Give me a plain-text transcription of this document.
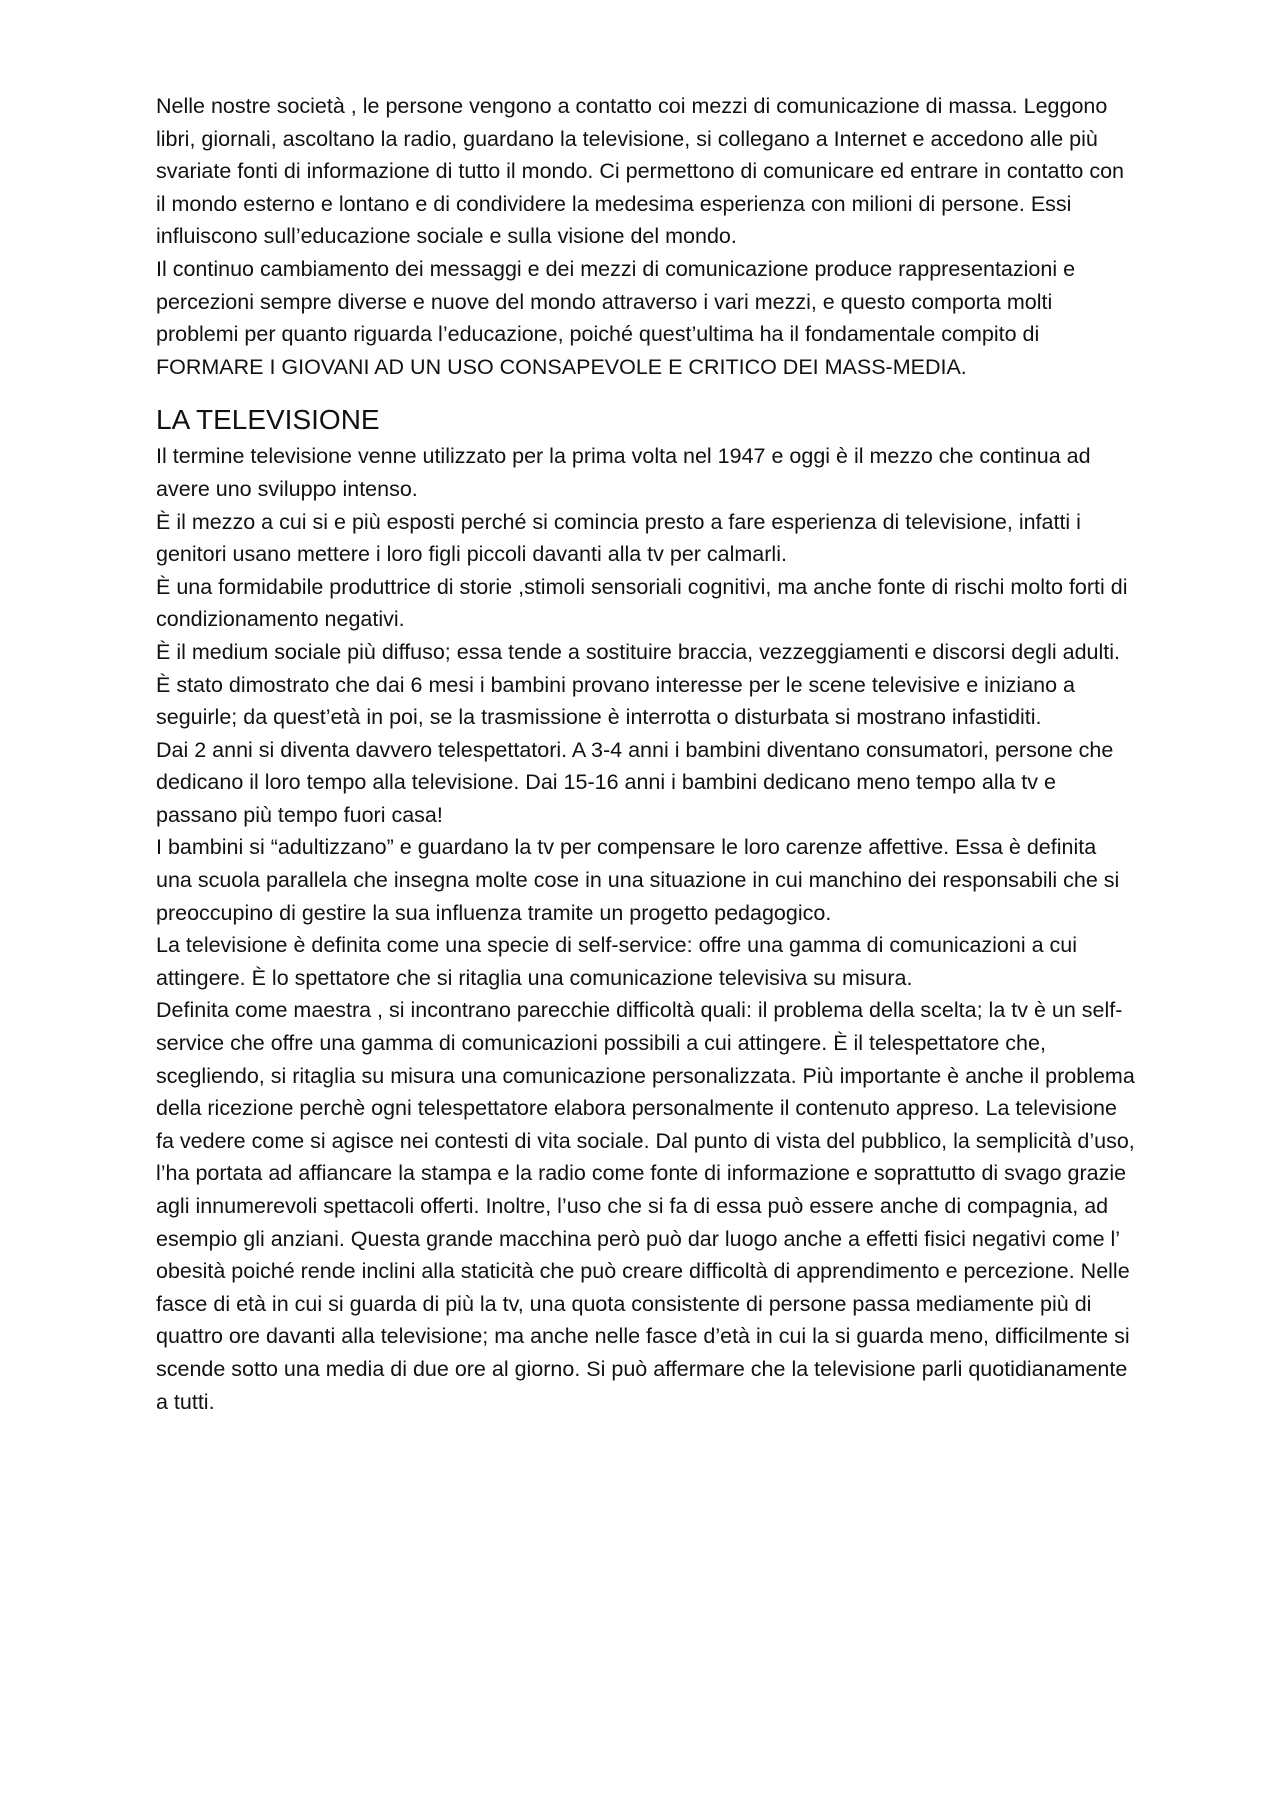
Nelle nostre società , le persone vengono a contatto coi mezzi di comunicazione di massa. Leggono libri, giornali, ascoltano la radio, guardano la televisione, si collegano a Internet e accedono alle più svariate fonti di informazione di tutto il mondo. Ci permettono di comunicare ed entrare in contatto con il mondo esterno e lontano e di condividere la medesima esperienza con milioni di persone. Essi influiscono sull’educazione sociale e sulla visione del mondo.

Il continuo cambiamento dei messaggi e dei mezzi di comunicazione produce rappresentazioni e percezioni sempre diverse e nuove del mondo attraverso i vari mezzi, e questo comporta molti problemi per quanto riguarda l’educazione, poiché quest’ultima ha il fondamentale compito di FORMARE I GIOVANI AD UN USO CONSAPEVOLE E CRITICO DEI MASS-MEDIA.

LA TELEVISIONE

Il termine televisione venne utilizzato per la prima volta nel 1947 e oggi è il mezzo che continua ad avere uno sviluppo intenso.

È il mezzo a cui si e più esposti perché si comincia presto a fare esperienza di televisione, infatti i genitori usano mettere i loro figli piccoli davanti alla tv per calmarli.

È una formidabile produttrice di storie ,stimoli sensoriali cognitivi, ma anche fonte di rischi molto forti di condizionamento negativi.

È il medium sociale più diffuso; essa tende a sostituire braccia, vezzeggiamenti e discorsi degli adulti.

È stato dimostrato che dai 6 mesi i bambini provano interesse per le scene televisive e iniziano a seguirle; da quest’età in poi, se la trasmissione è interrotta o disturbata si mostrano infastiditi.

Dai 2 anni si diventa davvero telespettatori. A 3-4 anni i bambini diventano consumatori, persone che dedicano il loro tempo alla televisione. Dai 15-16 anni i bambini dedicano meno tempo alla tv e passano più tempo fuori casa!

I bambini si “adultizzano” e guardano la tv per compensare le loro carenze affettive. Essa è definita una scuola parallela che insegna molte cose in una situazione in cui manchino dei responsabili che si preoccupino di gestire la sua influenza tramite un progetto pedagogico.

La televisione è definita come una specie di self-service: offre una gamma di comunicazioni a cui attingere. È lo spettatore che si ritaglia una comunicazione televisiva su misura.

Definita come maestra , si incontrano parecchie difficoltà quali: il problema della scelta; la tv è un self- service che offre una gamma di comunicazioni possibili a cui attingere. È il telespettatore che, scegliendo, si ritaglia su misura una comunicazione personalizzata. Più importante è anche il problema della ricezione perchè ogni telespettatore elabora personalmente il contenuto appreso. La televisione fa vedere come si agisce nei contesti di vita sociale. Dal punto di vista del pubblico, la semplicità d’uso, l’ha portata ad affiancare la stampa e la radio come fonte di informazione e soprattutto di svago grazie agli innumerevoli spettacoli offerti. Inoltre, l’uso che si fa di essa può essere anche di compagnia, ad esempio gli anziani. Questa grande macchina però può dar luogo anche a effetti fisici negativi come l’ obesità poiché rende inclini alla staticità che può creare difficoltà di apprendimento e percezione. Nelle fasce di età in cui si guarda di più la tv, una quota consistente di persone passa mediamente più di quattro ore davanti alla televisione; ma anche nelle fasce d’età in cui la si guarda meno, difficilmente si scende sotto una media di due ore al giorno. Si può affermare che la televisione parli quotidianamente a tutti.
